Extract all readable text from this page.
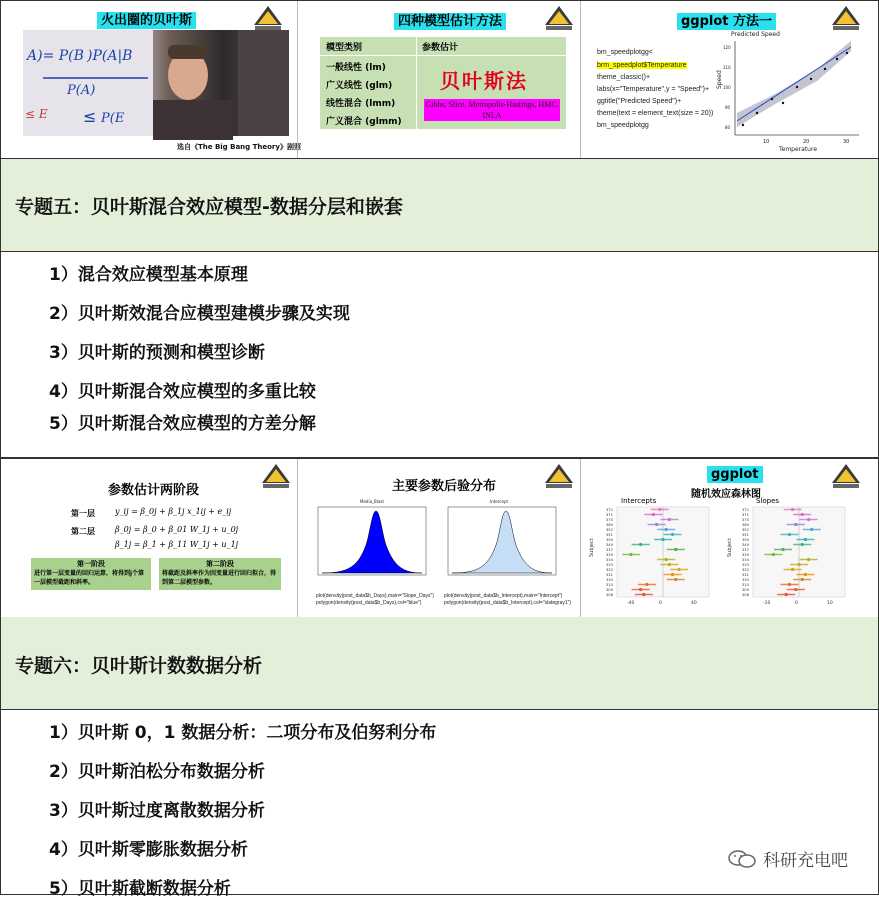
火出圈的贝叶斯
A)= P(B )P(A|B
P(A)
≤ E ≤ P(E
选自《The Big Bang Theory》剧照
四种模型估计方法
模型类别	参数估计
一般线性 (lm)
广义线性 (glm)
线性混合 (lmm)
广义混合 (glmm)
贝叶斯法
Gibbs, Slice, Metropolis-Hastings, HMC, INLA
ggplot 方法一
bm_speedplotgg<
brm_speedplot$Temperature
theme_classic()+
labs(x="Temperature",y = "Speed")+
ggtitle("Predicted Speed")+
theme(text = element_text(size = 20))
bm_speedplotgg
Predicted Speed
Speed
10	20	30
80
90
100
110
120
Temperature
专题五：贝叶斯混合效应模型-数据分层和嵌套
1）混合效应模型基本原理
2）贝叶斯效混合应模型建模步骤及实现
3）贝叶斯的预测和模型诊断
4）贝叶斯混合效应模型的多重比较
5）贝叶斯混合效应模型的方差分解
参数估计两阶段
第一层
第二层
y_ij = β_0j + β_1j x_1ij + e_ij
β_0j = β_0 + β_01 W_1j + u_0j
β_1j = β_1 + β_11 W_1j + u_1j
第一阶段
进行第一层变量的回归运算，将得到j个第一层模型截距和斜率。
第二阶段
将截距及斜率作为因变量进行回归拟合，得到第二层模型参数。
主要参数后验分布
Media_Blast	Intercept
plot(density(post_data$b_Days),main="Slope_Days")
polygon(density(post_data$b_Days),col="blue")
plot(density(post_data$b_Intercept),main="Intercept")
polygon(density(post_data$b_Intercept),col="slategray1")
ggplot
随机效应森林图
Intercepts	Slopes
372
371
370
369
352
351
350
349
337
335
334
333
332
331
330
310
309
308
-40	0	40
372
371
370
369
352
351
350
349
337
335
334
333
332
331
330
310
309
308
-10	0	10
Subject	Subject
专题六：贝叶斯计数数据分析
1）贝叶斯 0，1 数据分析：二项分布及伯努利分布
2）贝叶斯泊松分布数据分析
3）贝叶斯过度离散数据分析
4）贝叶斯零膨胀数据分析
5）贝叶斯截断数据分析
科研充电吧
